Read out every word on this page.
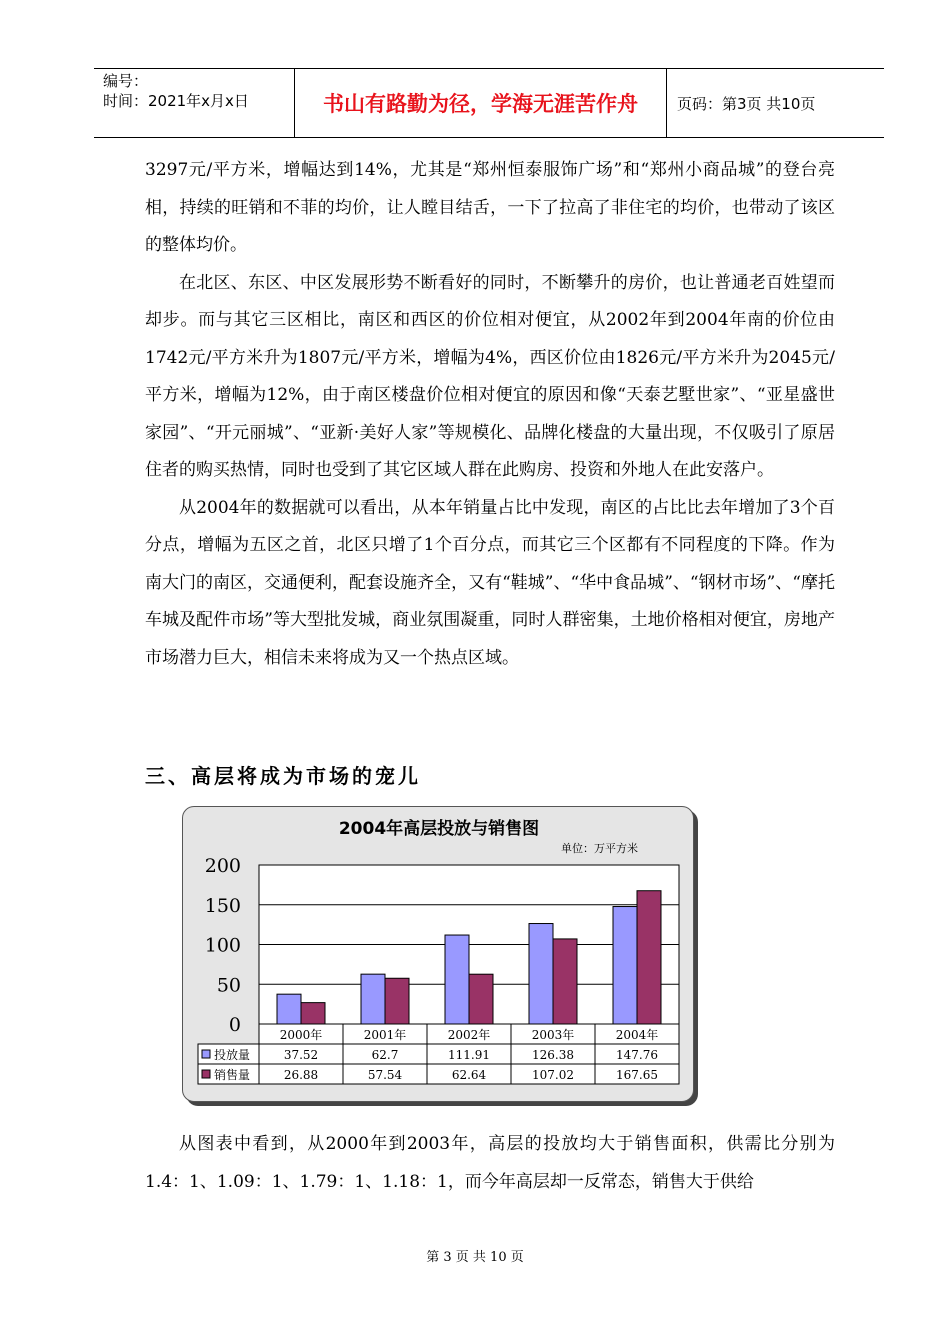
编号：
时间：2021年x月x日	书山有路勤为径，学海无涯苦作舟	页码：第3页 共10页

3297元/平方米，增幅达到14%，尤其是“郑州恒泰服饰广场”和“郑州小商品城”的登台亮相，持续的旺销和不菲的均价，让人瞠目结舌，一下了拉高了非住宅的均价，也带动了该区的整体均价。

在北区、东区、中区发展形势不断看好的同时，不断攀升的房价，也让普通老百姓望而却步。而与其它三区相比，南区和西区的价位相对便宜，从2002年到2004年南的价位由1742元/平方米升为1807元/平方米，增幅为4%，西区价位由1826元/平方米升为2045元/平方米，增幅为12%，由于南区楼盘价位相对便宜的原因和像“天泰艺墅世家”、“亚星盛世家园”、“开元丽城”、“亚新·美好人家”等规模化、品牌化楼盘的大量出现，不仅吸引了原居住者的购买热情，同时也受到了其它区域人群在此购房、投资和外地人在此安落户。

从2004年的数据就可以看出，从本年销量占比中发现，南区的占比比去年增加了3个百分点，增幅为五区之首，北区只增了1个百分点，而其它三个区都有不同程度的下降。作为南大门的南区，交通便利，配套设施齐全，又有“鞋城”、“华中食品城”、“钢材市场”、“摩托车城及配件市场”等大型批发城，商业氛围凝重，同时人群密集，土地价格相对便宜，房地产市场潜力巨大，相信未来将成为又一个热点区域。

三、高层将成为市场的宠儿
2004年高层投放与销售图
单位：万平方米
0
50
100
150
200
2000年	2001年	2002年	2003年	2004年
投放量	37.52	62.7	111.91	126.38	147.76
销售量	26.88	57.54	62.64	107.02	167.65

从图表中看到，从2000年到2003年，高层的投放均大于销售面积，供需比分别为1.4：1、1.09：1、1.79：1、1.18：1，而今年高层却一反常态，销售大于供给

第 3 页 共 10 页
